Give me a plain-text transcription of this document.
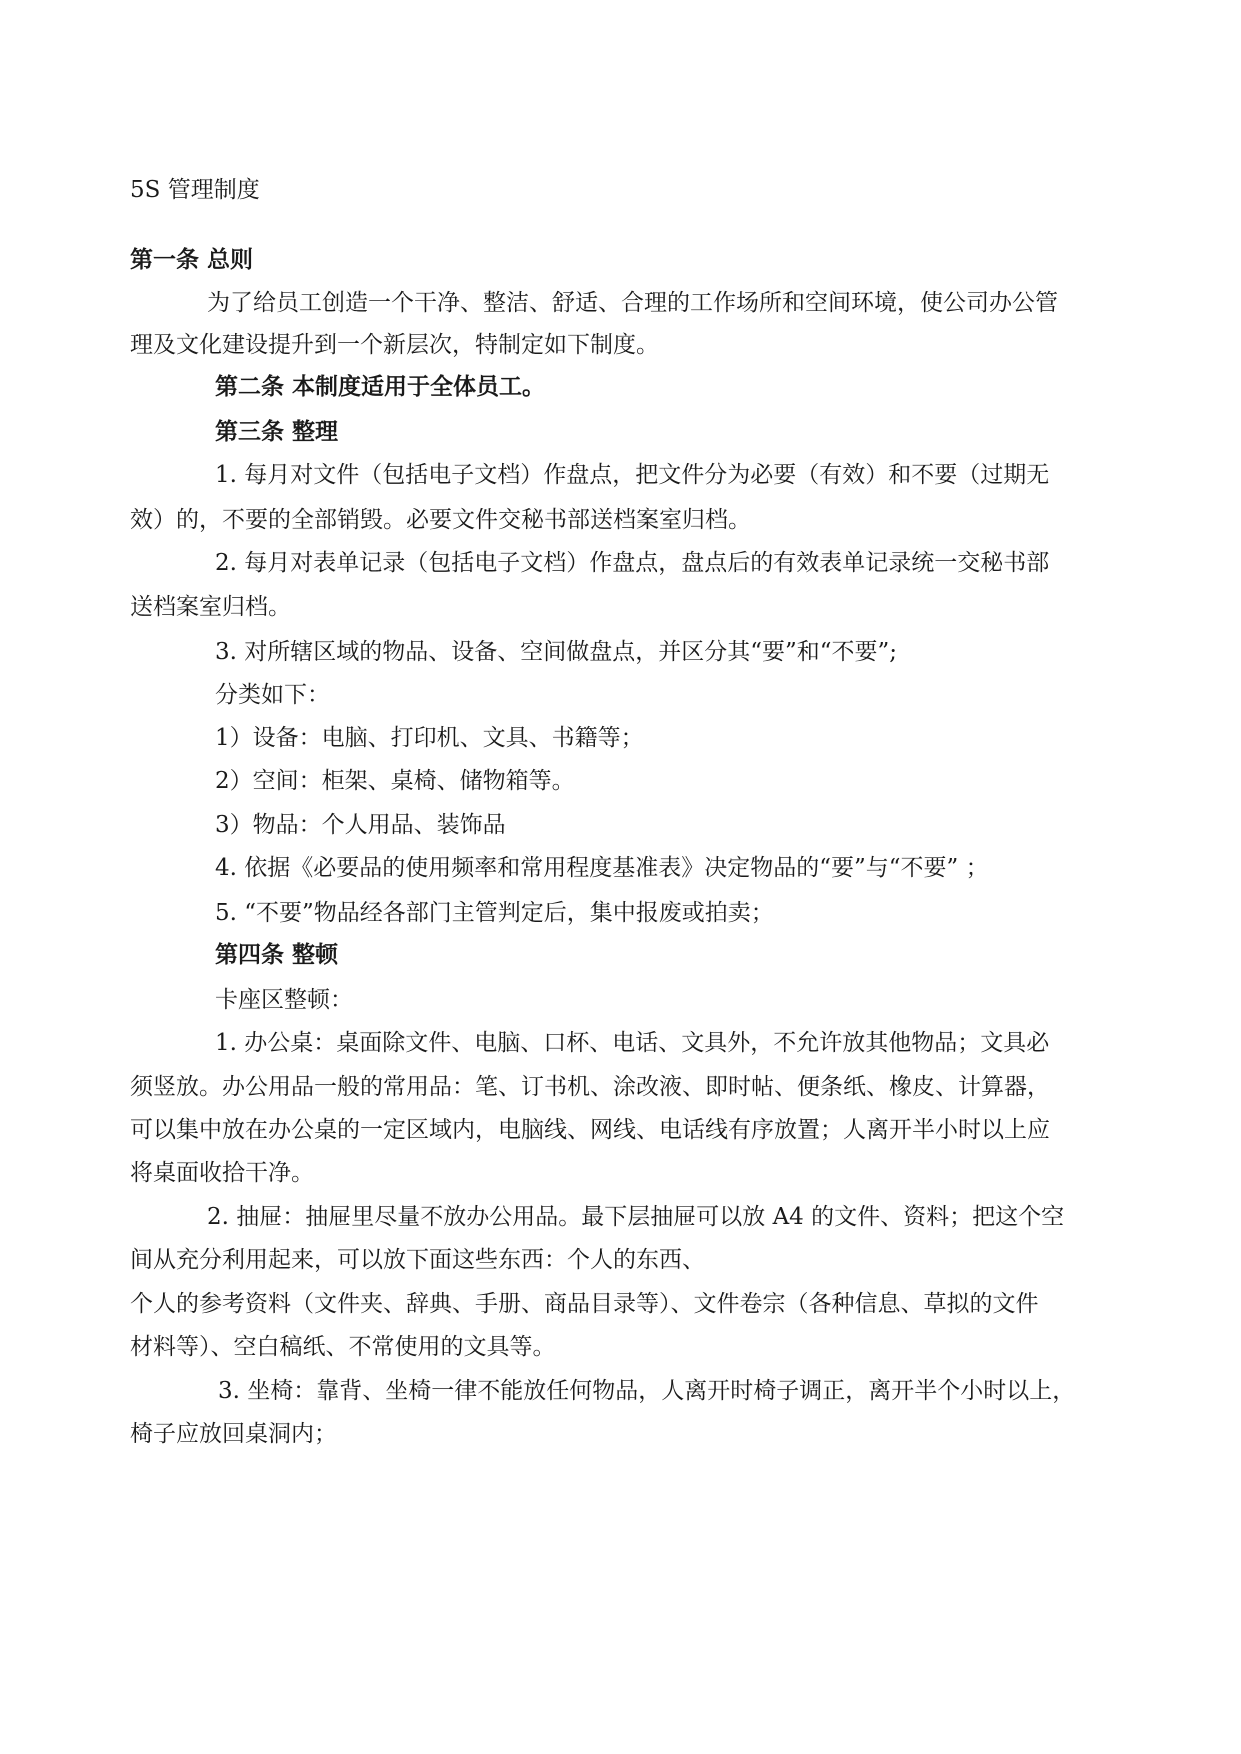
5S 管理制度
第一条 总则
为了给员工创造一个干净、整洁、舒适、合理的工作场所和空间环境，使公司办公管
理及文化建设提升到一个新层次，特制定如下制度。
第二条 本制度适用于全体员工。
第三条 整理
1. 每月对文件（包括电子文档）作盘点，把文件分为必要（有效）和不要（过期无
效）的，不要的全部销毁。必要文件交秘书部送档案室归档。
2. 每月对表单记录（包括电子文档）作盘点，盘点后的有效表单记录统一交秘书部
送档案室归档。
3. 对所辖区域的物品、设备、空间做盘点，并区分其“要”和“不要”;
分类如下：
1）设备：电脑、打印机、文具、书籍等；
2）空间：柜架、桌椅、储物箱等。
3）物品：个人用品、装饰品
4. 依据《必要品的使用频率和常用程度基准表》决定物品的“要”与“不要” ；
5. “不要”物品经各部门主管判定后，集中报废或拍卖；
第四条 整顿
卡座区整顿：
1. 办公桌：桌面除文件、电脑、口杯、电话、文具外，不允许放其他物品；文具必
须竖放。办公用品一般的常用品：笔、订书机、涂改液、即时帖、便条纸、橡皮、计算器，
可以集中放在办公桌的一定区域内，电脑线、网线、电话线有序放置；人离开半小时以上应
将桌面收拾干净。
2. 抽屉：抽屉里尽量不放办公用品。最下层抽屉可以放 A4 的文件、资料；把这个空
间从充分利用起来，可以放下面这些东西：个人的东西、
个人的参考资料（文件夹、辞典、手册、商品目录等）、文件卷宗（各种信息、草拟的文件
材料等）、空白稿纸、不常使用的文具等。
3. 坐椅：靠背、坐椅一律不能放任何物品，人离开时椅子调正，离开半个小时以上，
椅子应放回桌洞内；
